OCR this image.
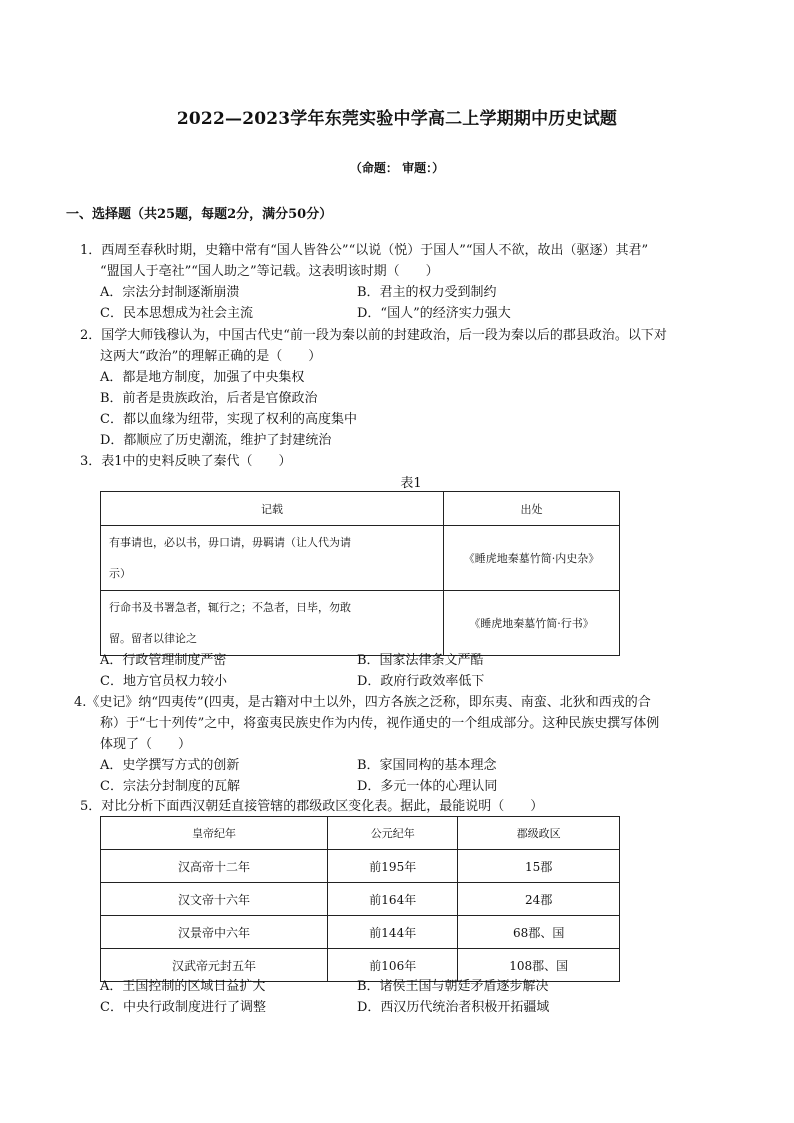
2022—2023学年东莞实验中学高二上学期期中历史试题
（命题： 审题：）
一、选择题（共25题，每题2分，满分50分）
1．西周至春秋时期，史籍中常有“国人皆咎公”“以说（悦）于国人”“国人不欲，故出（驱逐）其君”
“盟国人于亳社”“国人助之”等记载。这表明该时期（　　）
A．宗法分封制逐渐崩溃	B．君主的权力受到制约
C．民本思想成为社会主流	D．“国人”的经济实力强大
2．国学大师钱穆认为，中国古代史“前一段为秦以前的封建政治，后一段为秦以后的郡县政治。以下对
这两大“政治”的理解正确的是（　　）
A．都是地方制度，加强了中央集权
B．前者是贵族政治，后者是官僚政治
C．都以血缘为纽带，实现了权利的高度集中
D．都顺应了历史潮流，维护了封建统治
3．表1中的史料反映了秦代（　　）
表1
记载	出处

有事请也，必以书，毋口请，毋羁请（让人代为请
示）	《睡虎地秦墓竹简·内史杂》

行命书及书署急者，辄行之；不急者，日毕，勿敢
留。留者以律论之	《睡虎地秦墓竹简·行书》
A．行政管理制度严密	B．国家法律条文严酷
C．地方官员权力较小	D．政府行政效率低下
4.《史记》纳“四夷传”(四夷，是古籍对中土以外，四方各族之泛称，即东夷、南蛮、北狄和西戎的合
称）于“七十列传”之中，将蛮夷民族史作为内传，视作通史的一个组成部分。这种民族史撰写体例
体现了（　　）
A．史学撰写方式的创新	B．家国同构的基本理念
C．宗法分封制度的瓦解	D．多元一体的心理认同
5．对比分析下面西汉朝廷直接管辖的郡级政区变化表。据此，最能说明（　　）
皇帝纪年	公元纪年	郡级政区
汉高帝十二年	前195年	15郡
汉文帝十六年	前164年	24郡
汉景帝中六年	前144年	68郡、国
汉武帝元封五年	前106年	108郡、国
A．王国控制的区域日益扩大	B．诸侯王国与朝廷矛盾逐步解决
C．中央行政制度进行了调整	D．西汉历代统治者积极开拓疆域
